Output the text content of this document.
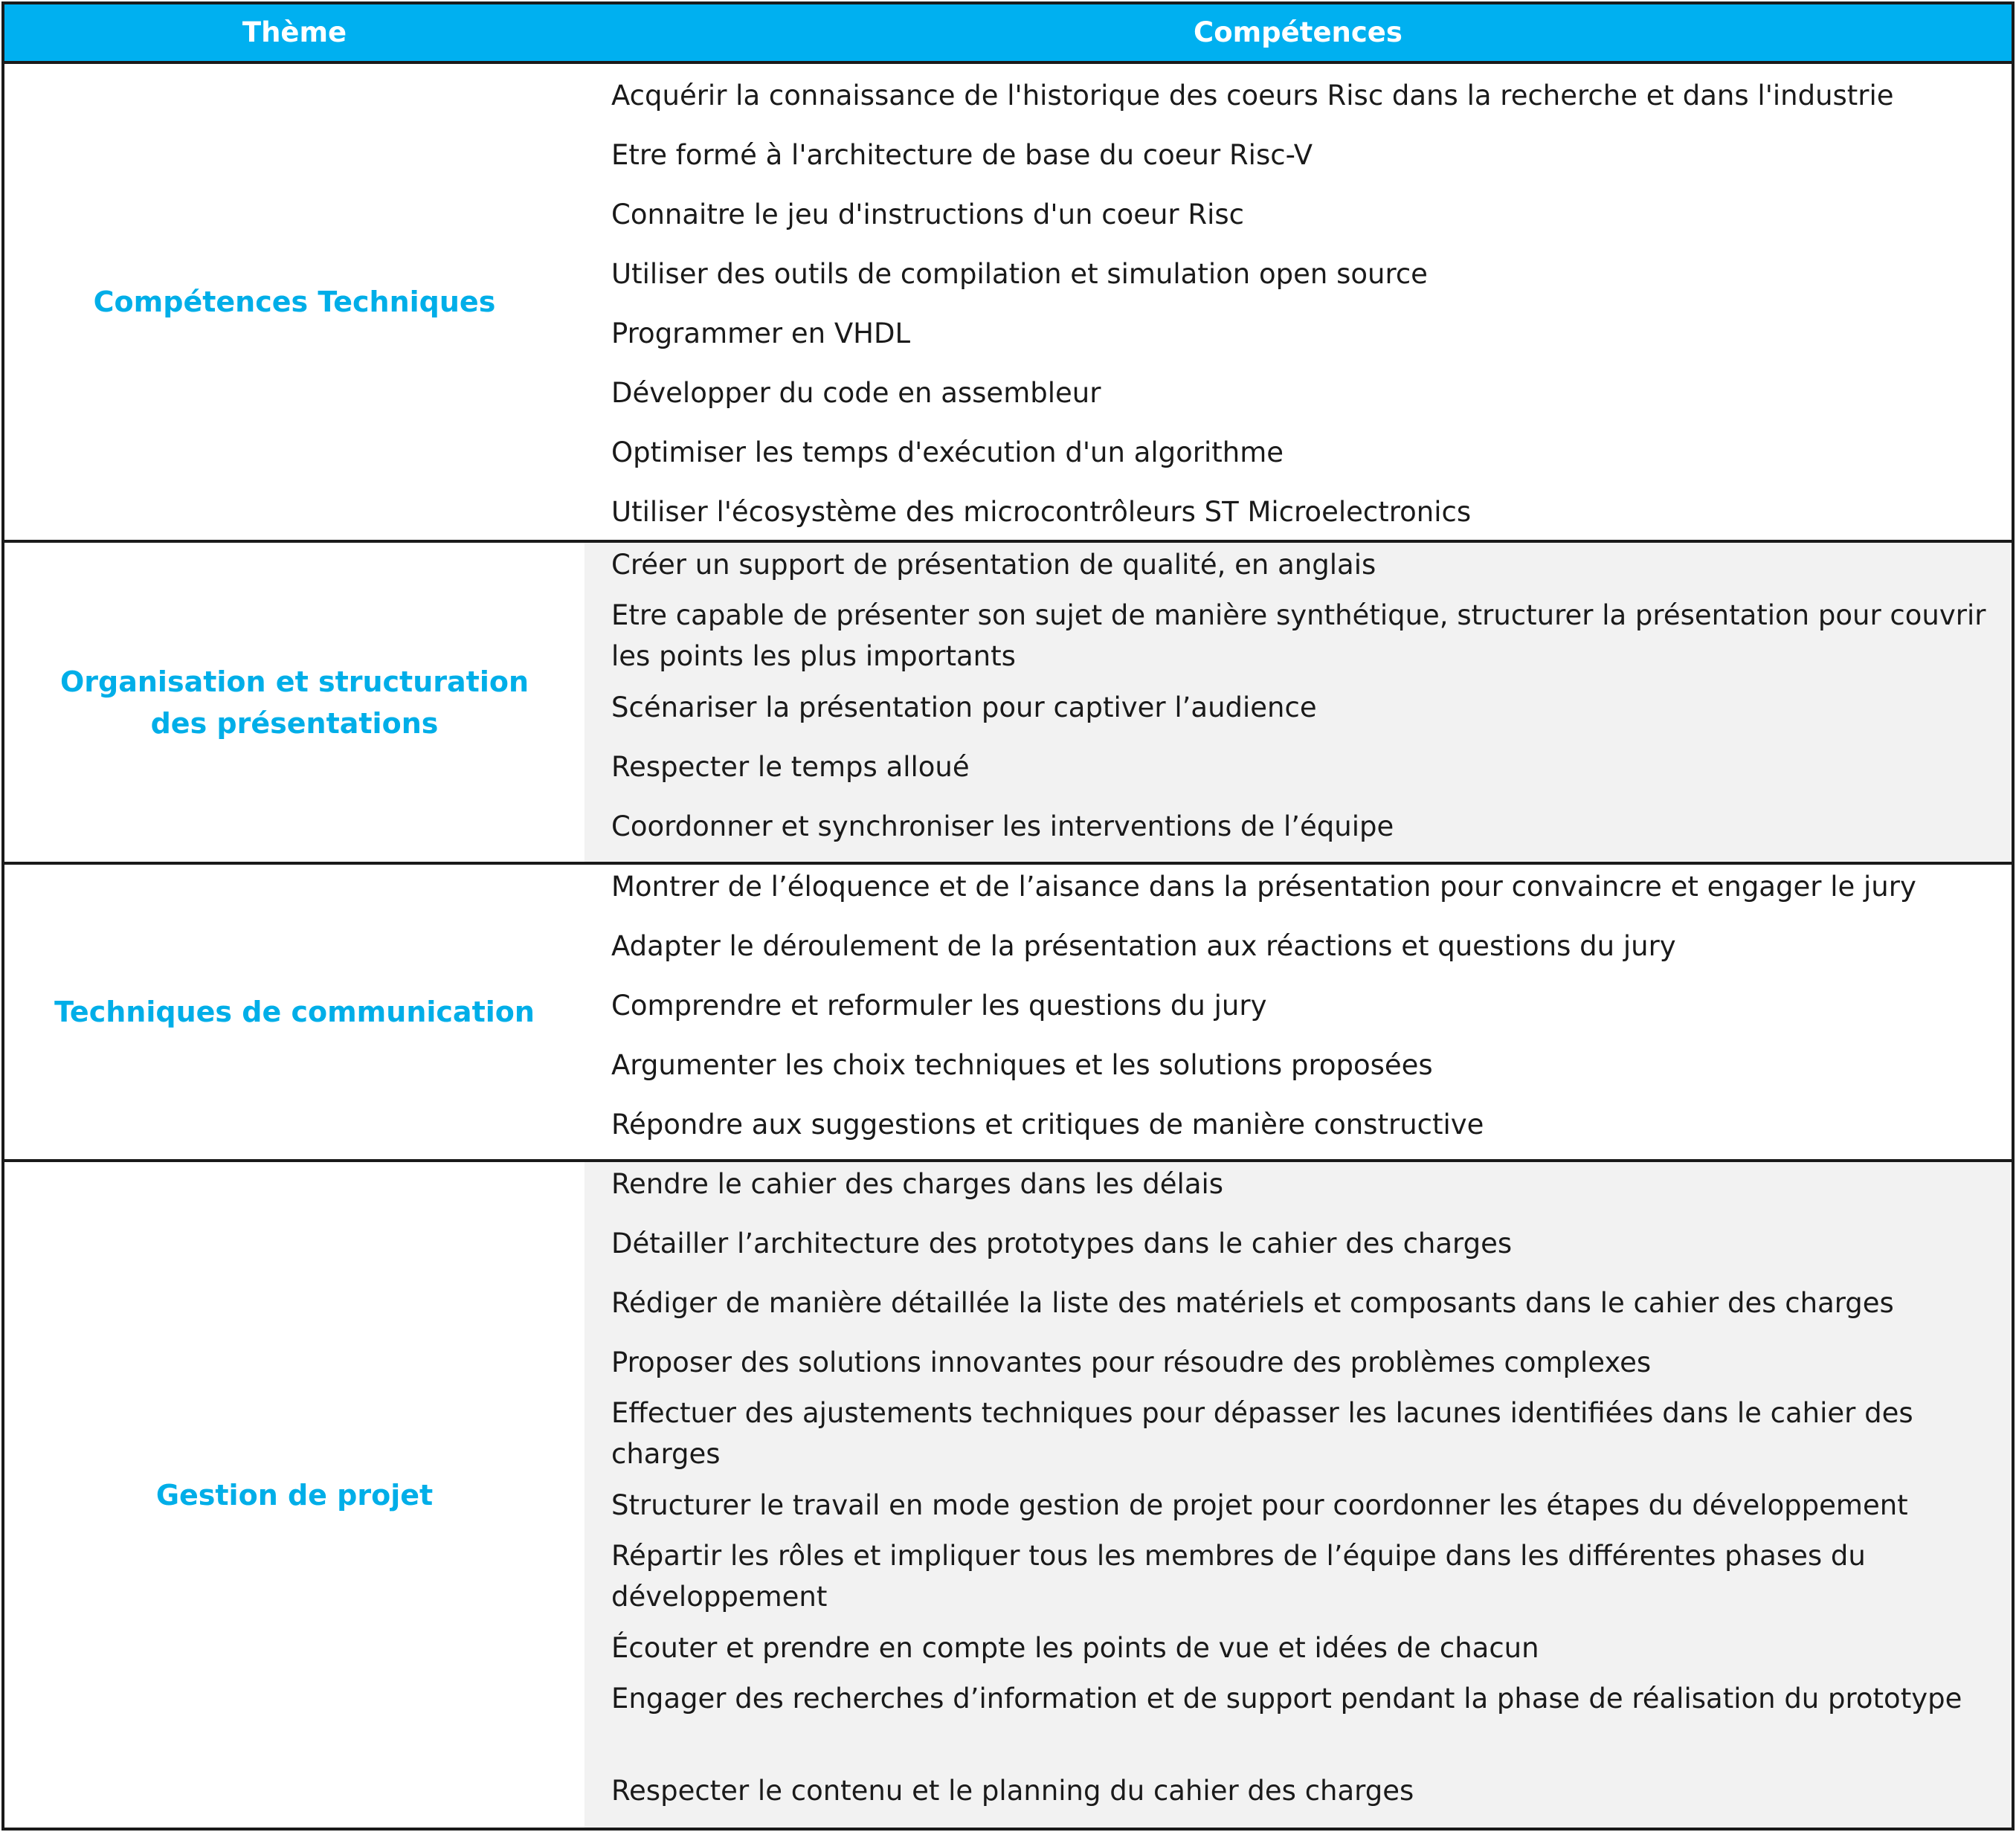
Thème	Compétences
Compétences Techniques
Acquérir la connaissance de l'historique des coeurs Risc dans la recherche et dans l'industrie
Etre formé à l'architecture de base du coeur Risc-V
Connaitre le jeu d'instructions d'un coeur Risc
Utiliser des outils de compilation et simulation open source
Programmer en VHDL
Développer du code en assembleur
Optimiser les temps d'exécution d'un algorithme
Utiliser l'écosystème des microcontrôleurs ST Microelectronics
Organisation et structuration des présentations
Créer un support de présentation de qualité, en anglais
Etre capable de présenter son sujet de manière synthétique, structurer la présentation pour couvrir les points les plus importants
Scénariser la présentation pour captiver l’audience
Respecter le temps alloué
Coordonner et synchroniser les interventions de l’équipe
Techniques de communication
Montrer de l’éloquence et de l’aisance dans la présentation pour convaincre et engager le jury
Adapter le déroulement de la présentation aux réactions et questions du jury
Comprendre et reformuler les questions du jury
Argumenter les choix techniques et les solutions proposées
Répondre aux suggestions et critiques de manière constructive
Gestion de projet
Rendre le cahier des charges dans les délais
Détailler l’architecture des prototypes dans le cahier des charges
Rédiger de manière détaillée la liste des matériels et composants dans le cahier des charges
Proposer des solutions innovantes pour résoudre des problèmes complexes
Effectuer des ajustements techniques pour dépasser les lacunes identifiées dans le cahier des charges
Structurer le travail en mode gestion de projet pour coordonner les étapes du développement
Répartir les rôles et impliquer tous les membres de l’équipe dans les différentes phases du développement
Écouter et prendre en compte les points de vue et idées de chacun
Engager des recherches d’information et de support pendant la phase de réalisation du prototype
Respecter le contenu et le planning du cahier des charges
